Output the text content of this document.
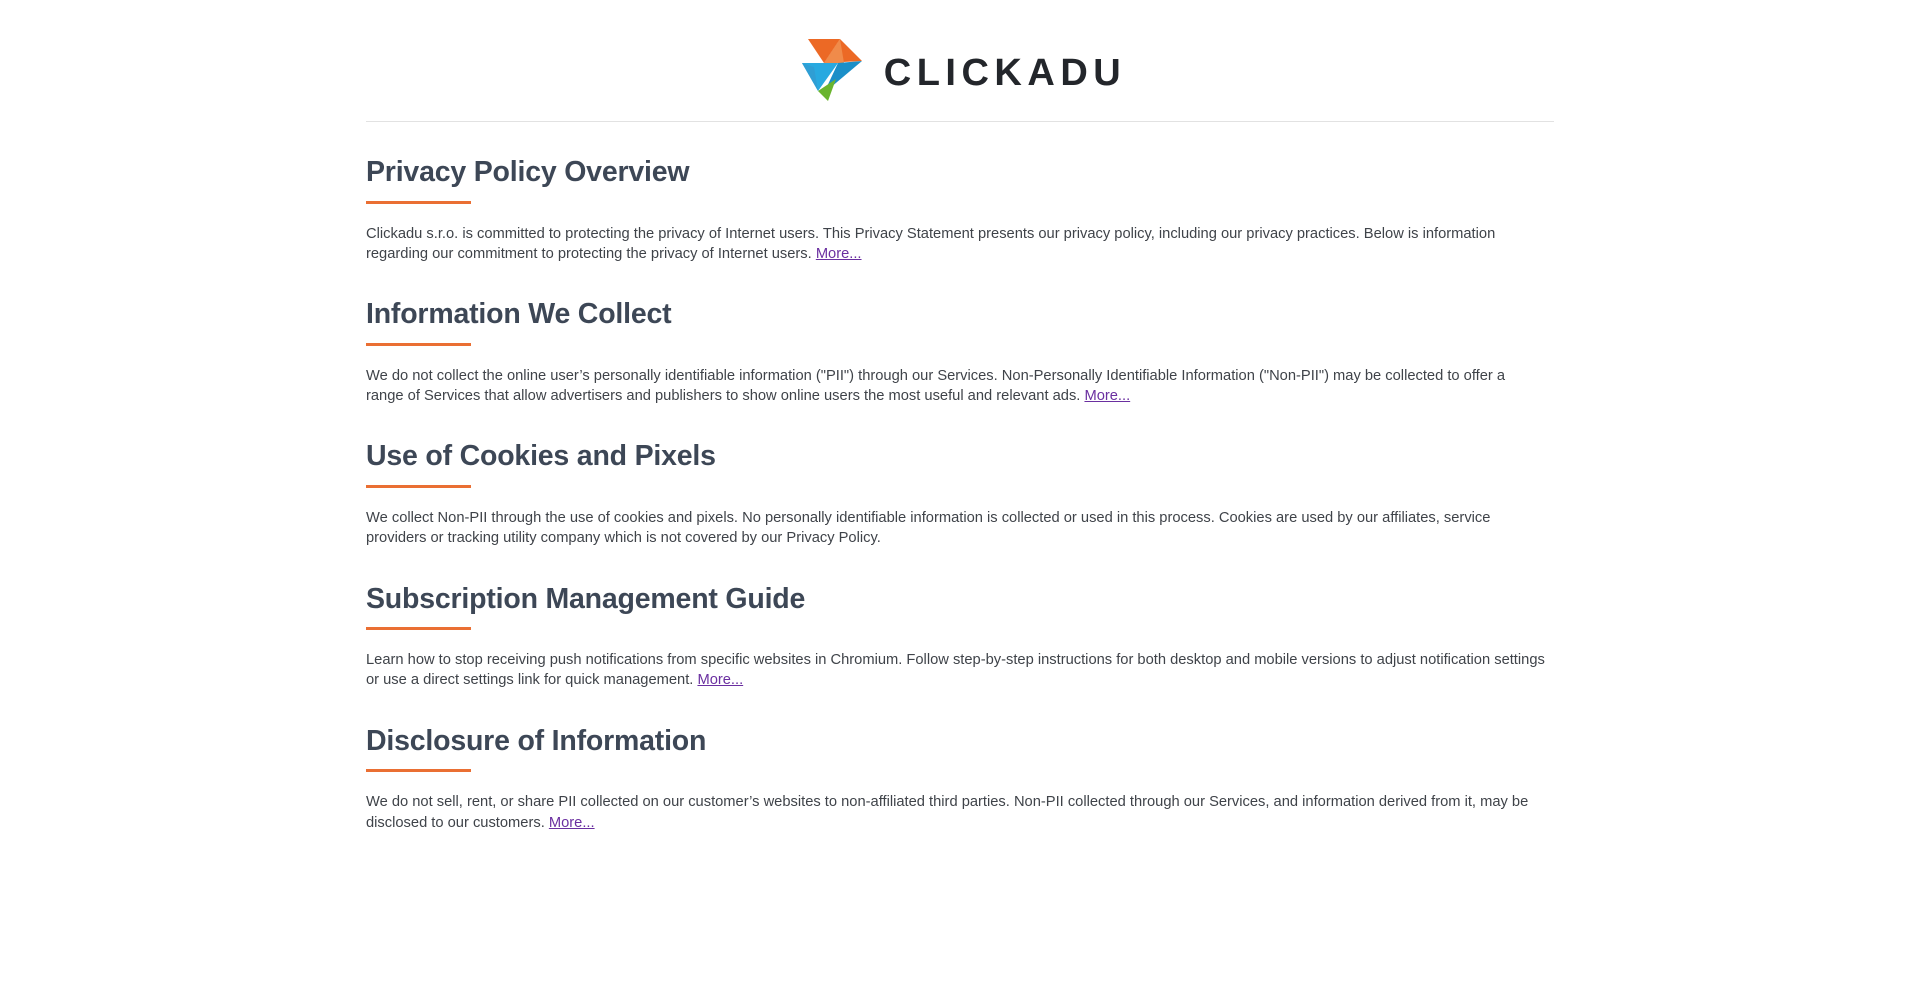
CLICKADU
Privacy Policy Overview

Clickadu s.r.o. is committed to protecting the privacy of Internet users. This Privacy Statement presents our privacy policy, including our privacy practices. Below is information regarding our commitment to protecting the privacy of Internet users. More...

Information We Collect

We do not collect the online user’s personally identifiable information ("PII") through our Services. Non-Personally Identifiable Information ("Non-PII") may be collected to offer a range of Services that allow advertisers and publishers to show online users the most useful and relevant ads. More...

Use of Cookies and Pixels

We collect Non-PII through the use of cookies and pixels. No personally identifiable information is collected or used in this process. Cookies are used by our affiliates, service providers or tracking utility company which is not covered by our Privacy Policy.

Subscription Management Guide

Learn how to stop receiving push notifications from specific websites in Chromium. Follow step-by-step instructions for both desktop and mobile versions to adjust notification settings or use a direct settings link for quick management. More...

Disclosure of Information

We do not sell, rent, or share PII collected on our customer’s websites to non-affiliated third parties. Non-PII collected through our Services, and information derived from it, may be disclosed to our customers. More...
